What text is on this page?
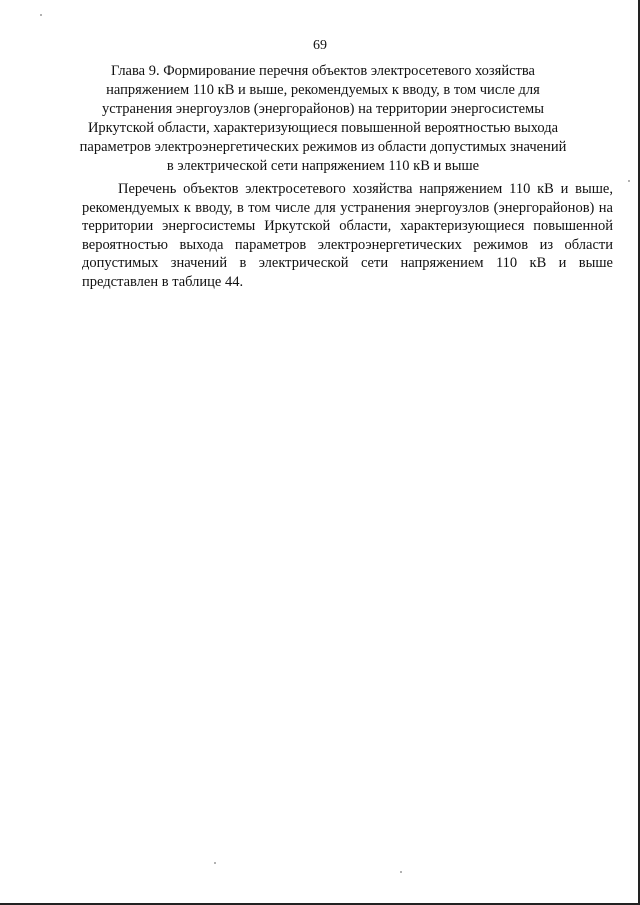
69
Глава 9. Формирование перечня объектов электросетевого хозяйства напряжением 110 кВ и выше, рекомендуемых к вводу, в том числе для устранения энергоузлов (энергорайонов) на территории энергосистемы Иркутской области, характеризующиеся повышенной вероятностью выхода параметров электроэнергетических режимов из области допустимых значений в электрической сети напряжением 110 кВ и выше
Перечень объектов электросетевого хозяйства напряжением 110 кВ и выше, рекомендуемых к вводу, в том числе для устранения энергоузлов (энергорайонов) на территории энергосистемы Иркутской области, характеризующиеся повышенной вероятностью выхода параметров электроэнергетических режимов из области допустимых значений в электрической сети напряжением 110 кВ и выше представлен в таблице 44.
